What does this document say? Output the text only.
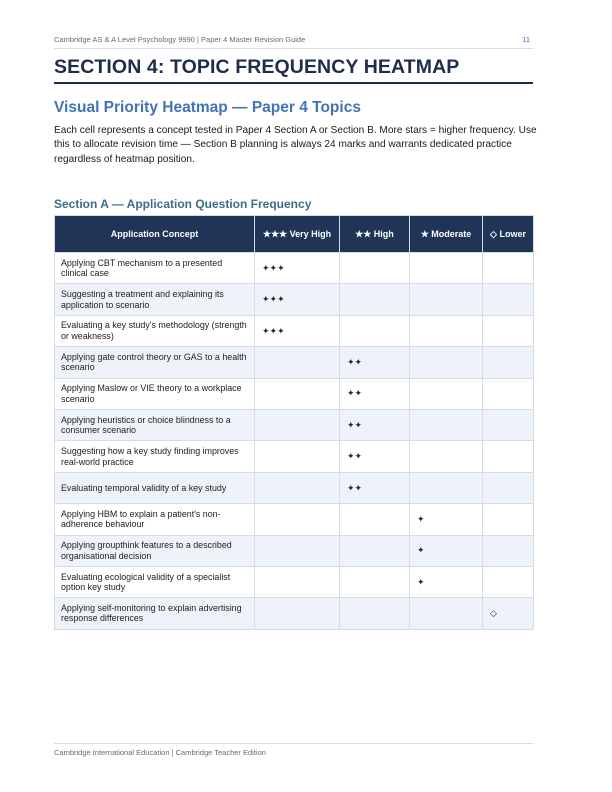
Cambridge AS & A Level Psychology 9990 | Paper 4 Master Revision Guide	11
SECTION 4: TOPIC FREQUENCY HEATMAP
Visual Priority Heatmap — Paper 4 Topics
Each cell represents a concept tested in Paper 4 Section A or Section B. More stars = higher frequency. Use this to allocate revision time — Section B planning is always 24 marks and warrants dedicated practice regardless of heatmap position.
Section A — Application Question Frequency
Application Concept	★★★ Very High	★★ High	★ Moderate	◇ Lower
Applying CBT mechanism to a presented clinical case	✦✦✦			
Suggesting a treatment and explaining its application to scenario	✦✦✦			
Evaluating a key study's methodology (strength or weakness)	✦✦✦			
Applying gate control theory or GAS to a health scenario		✦✦		
Applying Maslow or VIE theory to a workplace scenario		✦✦		
Applying heuristics or choice blindness to a consumer scenario		✦✦		
Suggesting how a key study finding improves real-world practice		✦✦		
Evaluating temporal validity of a key study		✦✦		
Applying HBM to explain a patient's non-adherence behaviour			✦	
Applying groupthink features to a described organisational decision			✦	
Evaluating ecological validity of a specialist option key study			✦	
Applying self-monitoring to explain advertising response differences				◇
Cambridge International Education | Cambridge Teacher Edition
